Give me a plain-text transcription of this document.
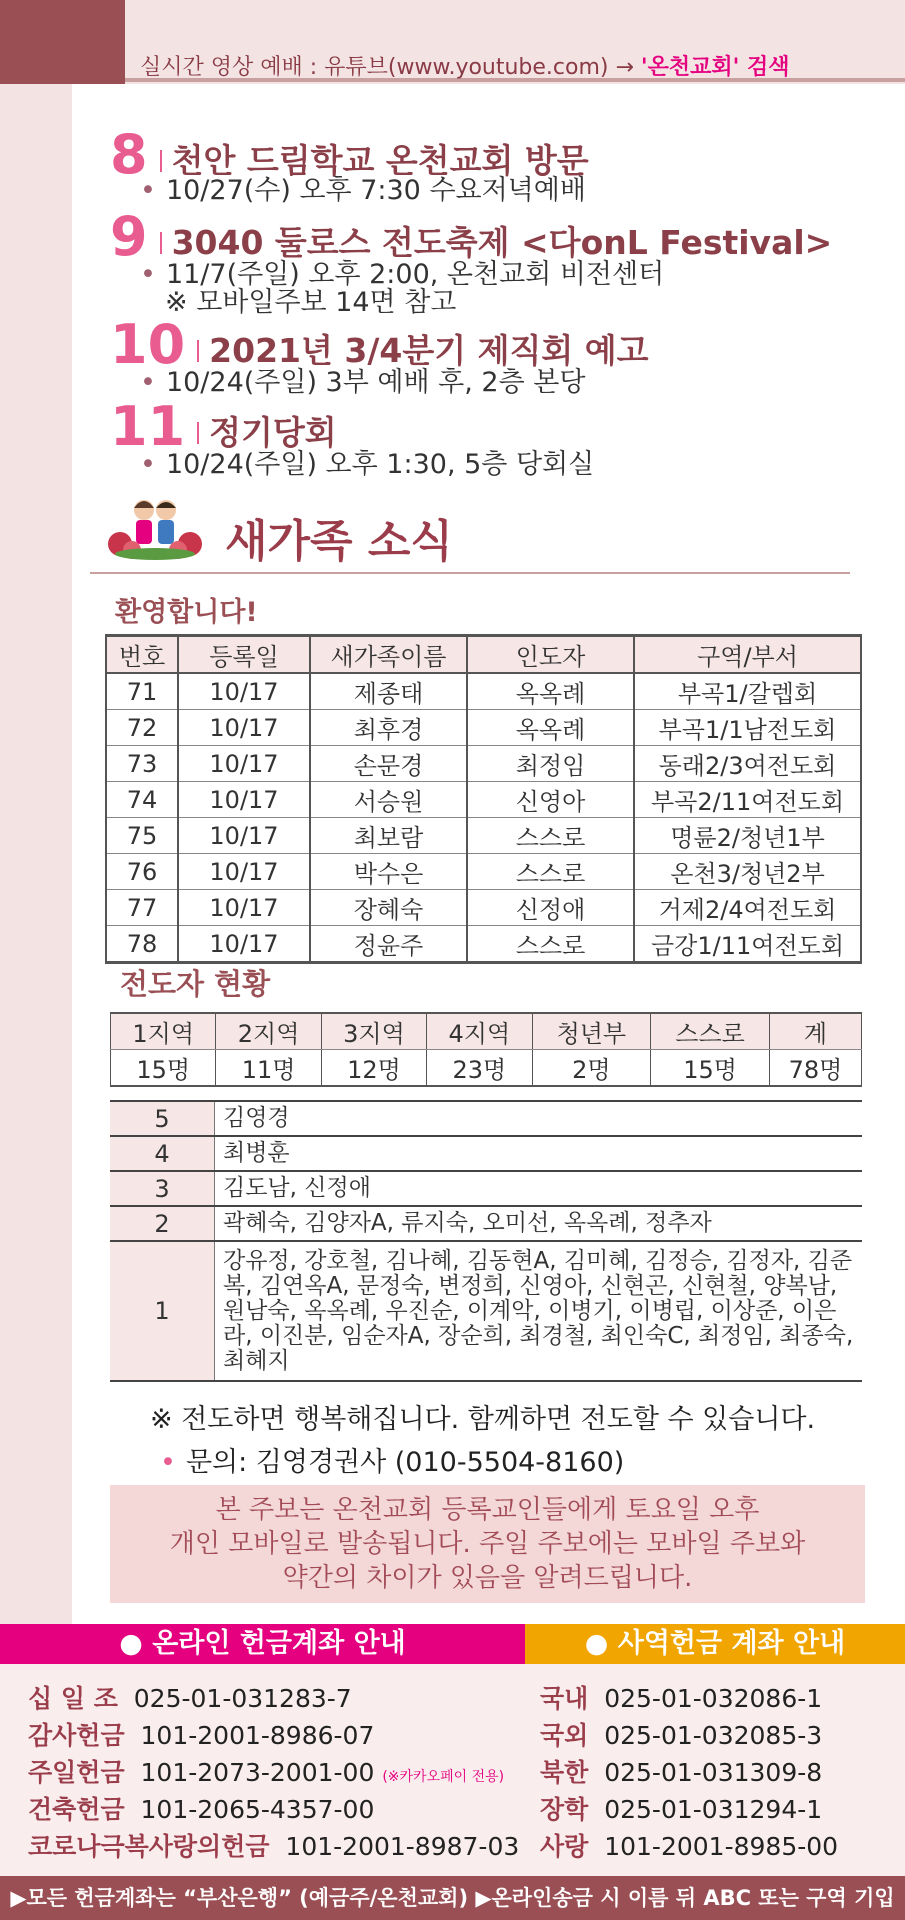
실시간 영상 예배 : 유튜브(www.youtube.com) → '온천교회' 검색
8 천안 드림학교 온천교회 방문
• 10/27(수) 오후 7:30 수요저녁예배
9 3040 둘로스 전도축제 <다onL Festival>
• 11/7(주일) 오후 2:00, 온천교회 비전센터
※ 모바일주보 14면 참고
10 2021년 3/4분기 제직회 예고
• 10/24(주일) 3부 예배 후, 2층 본당
11 정기당회
• 10/24(주일) 오후 1:30, 5층 당회실
새가족 소식
환영합니다!
번호	등록일	새가족이름	인도자	구역/부서
71	10/17	제종태	옥옥례	부곡1/갈렙회
72	10/17	최후경	옥옥례	부곡1/1남전도회
73	10/17	손문경	최정임	동래2/3여전도회
74	10/17	서승원	신영아	부곡2/11여전도회
75	10/17	최보람	스스로	명륜2/청년1부
76	10/17	박수은	스스로	온천3/청년2부
77	10/17	장혜숙	신정애	거제2/4여전도회
78	10/17	정윤주	스스로	금강1/11여전도회
전도자 현황
1지역	2지역	3지역	4지역	청년부	스스로	계
15명	11명	12명	23명	2명	15명	78명
5	김영경
4	최병훈
3	김도남, 신정애
2	곽혜숙, 김양자A, 류지숙, 오미선, 옥옥례, 정추자
1	강유정, 강호철, 김나혜, 김동현A, 김미혜, 김정승, 김정자, 김준복, 김연옥A, 문정숙, 변정희, 신영아, 신현곤, 신현철, 양복남, 원남숙, 옥옥례, 우진순, 이계악, 이병기, 이병립, 이상준, 이은라, 이진분, 임순자A, 장순희, 최경철, 최인숙C, 최정임, 최종숙, 최혜지
※ 전도하면 행복해집니다. 함께하면 전도할 수 있습니다.
• 문의: 김영경권사 (010-5504-8160)
본 주보는 온천교회 등록교인들에게 토요일 오후
개인 모바일로 발송됩니다. 주일 주보에는 모바일 주보와
약간의 차이가 있음을 알려드립니다.
● 온라인 헌금계좌 안내	● 사역헌금 계좌 안내
십 일 조 025-01-031283-7
감사헌금 101-2001-8986-07
주일헌금 101-2073-2001-00 (※카카오페이 전용)
건축헌금 101-2065-4357-00
코로나극복사랑의헌금 101-2001-8987-03
국내 025-01-032086-1
국외 025-01-032085-3
북한 025-01-031309-8
장학 025-01-031294-1
사랑 101-2001-8985-00
▶모든 헌금계좌는 “부산은행” (예금주/온천교회) ▶온라인송금 시 이름 뒤 ABC 또는 구역 기입
